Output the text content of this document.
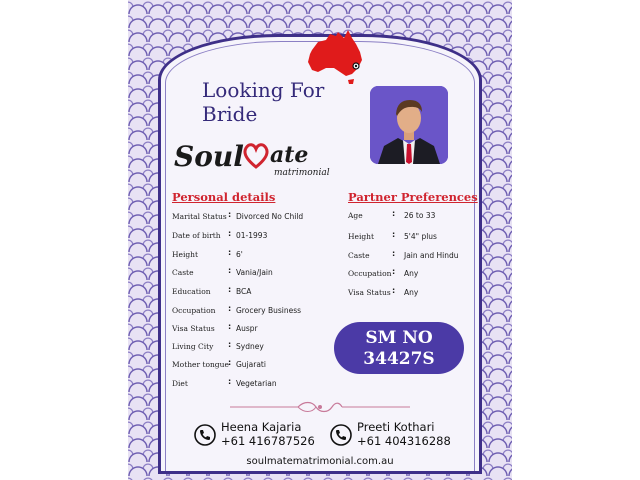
Looking For
Bride
Soul ate
matrimonial
Personal details	Partner Preferences
Marital Status : Divorced No Child
Date of birth : 01-1993
Height	: 6'
Caste	: Vania/Jain
Education : BCA
Occupation : Grocery Business
Visa Status : Auspr
Living City : Sydney
Mother tongue : Gujarati
Diet	: Vegetarian
Age	: 26 to 33
Height : 5'4" plus
Caste	: Jain and Hindu
Occupation : Any
Visa Status : Any
SM NO
34427S
Heena Kajaria
+61 416787526
Preeti Kothari
+61 404316288
soulmatematrimonial.com.au
